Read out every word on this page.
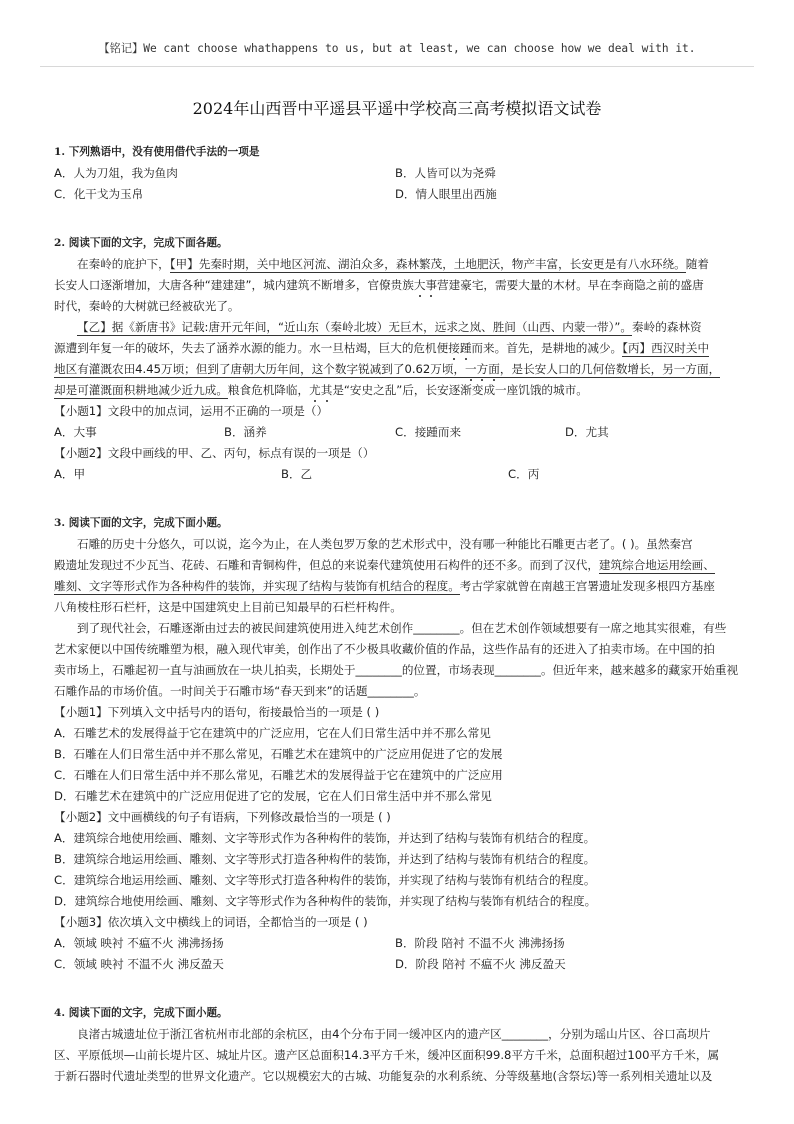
【铭记】We cant choose whathappens to us, but at least, we can choose how we deal with it.
2024年山西晋中平遥县平遥中学校高三高考模拟语文试卷
1. 下列熟语中，没有使用借代手法的一项是
A．人为刀俎，我为鱼肉	B．人皆可以为尧舜
C．化干戈为玉帛	D．情人眼里出西施
2. 阅读下面的文字，完成下面各题。
在秦岭的庇护下，【甲】先秦时期，关中地区河流、湖泊众多，森林繁茂，土地肥沃，物产丰富，长安更是有八水环绕。随着
长安人口逐渐增加，大唐各种“建建建”，城内建筑不断增多，官僚贵族大事营建豪宅，需要大量的木材。早在李商隐之前的盛唐
时代，秦岭的大树就已经被砍光了。
【乙】据《新唐书》记载:唐开元年间，“近山东（秦岭北坡）无巨木，远求之岚、胜间（山西、内蒙一带）”。秦岭的森林资
源遭到年复一年的破坏，失去了涵养水源的能力。水一旦枯竭，巨大的危机便接踵而来。首先，是耕地的减少。【丙】西汉时关中
地区有灌溉农田4.45万顷；但到了唐朝大历年间，这个数字锐减到了0.62万顷，一方面，是长安人口的几何倍数增长，另一方面，
却是可灌溉面积耕地减少近九成。粮食危机降临，尤其是“安史之乱”后，长安逐渐变成一座饥饿的城市。
【小题1】文段中的加点词，运用不正确的一项是（）
A．大事	B．涵养	C．接踵而来	D．尤其
【小题2】文段中画线的甲、乙、丙句，标点有误的一项是（）
A．甲	B．乙	C．丙
3. 阅读下面的文字，完成下面小题。
石雕的历史十分悠久，可以说，迄今为止，在人类包罗万象的艺术形式中，没有哪一种能比石雕更古老了。( )。虽然秦宫
殿遗址发现过不少瓦当、花砖、石雕和青铜构件，但总的来说秦代建筑使用石构件的还不多。而到了汉代，建筑综合地运用绘画、
雕刻、文字等形式作为各种构件的装饰，并实现了结构与装饰有机结合的程度。考古学家就曾在南越王宫署遗址发现多根四方基座
八角棱柱形石栏杆，这是中国建筑史上目前已知最早的石栏杆构件。
到了现代社会，石雕逐渐由过去的被民间建筑使用进入纯艺术创作________。但在艺术创作领域想要有一席之地其实很难，有些
艺术家便以中国传统雕塑为根，融入现代审美，创作出了不少极具收藏价值的作品，这些作品有的还进入了拍卖市场。在中国的拍
卖市场上，石雕起初一直与油画放在一块儿拍卖，长期处于________的位置，市场表现________。但近年来，越来越多的藏家开始重视
石雕作品的市场价值。一时间关于石雕市场“春天到来”的话题________。
【小题1】下列填入文中括号内的语句，衔接最恰当的一项是 ( )
A．石雕艺术的发展得益于它在建筑中的广泛应用，它在人们日常生活中并不那么常见
B．石雕在人们日常生活中并不那么常见，石雕艺术在建筑中的广泛应用促进了它的发展
C．石雕在人们日常生活中并不那么常见，石雕艺术的发展得益于它在建筑中的广泛应用
D．石雕艺术在建筑中的广泛应用促进了它的发展，它在人们日常生活中并不那么常见
【小题2】文中画横线的句子有语病，下列修改最恰当的一项是 ( )
A．建筑综合地使用绘画、雕刻、文字等形式作为各种构件的装饰，并达到了结构与装饰有机结合的程度。
B．建筑综合地运用绘画、雕刻、文字等形式打造各种构件的装饰，并达到了结构与装饰有机结合的程度。
C．建筑综合地运用绘画、雕刻、文字等形式打造各种构件的装饰，并实现了结构与装饰有机结合的程度。
D．建筑综合地使用绘画、雕刻、文字等形式作为各种构件的装饰，并实现了结构与装饰有机结合的程度。
【小题3】依次填入文中横线上的词语，全都恰当的一项是 ( )
A．领域 映衬 不瘟不火 沸沸扬扬	B．阶段 陪衬 不温不火 沸沸扬扬
C．领域 映衬 不温不火 沸反盈天	D．阶段 陪衬 不瘟不火 沸反盈天
4. 阅读下面的文字，完成下面小题。
良渚古城遗址位于浙江省杭州市北部的余杭区，由4个分布于同一缓冲区内的遗产区________，分别为瑶山片区、谷口高坝片
区、平原低坝—山前长堤片区、城址片区。遗产区总面积14.3平方千米，缓冲区面积99.8平方千米，总面积超过100平方千米，属
于新石器时代遗址类型的世界文化遗产。它以规模宏大的古城、功能复杂的水利系统、分等级墓地(含祭坛)等一系列相关遗址以及
